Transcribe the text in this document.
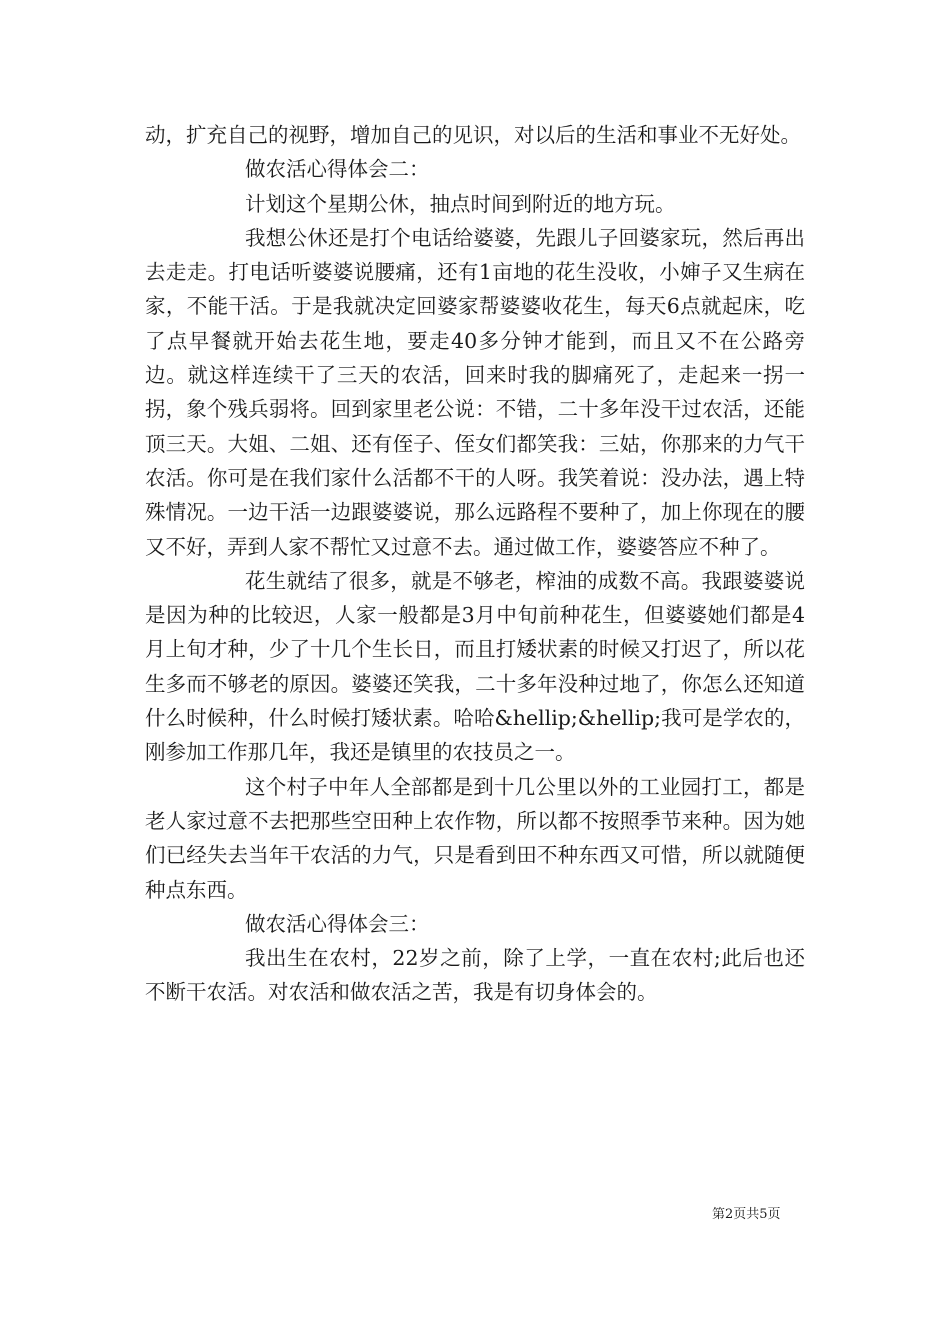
动，扩充自己的视野，增加自己的见识，对以后的生活和事业不无好处。

做农活心得体会二：

计划这个星期公休，抽点时间到附近的地方玩。

我想公休还是打个电话给婆婆，先跟儿子回婆家玩，然后再出去走走。打电话听婆婆说腰痛，还有1亩地的花生没收，小婶子又生病在家，不能干活。于是我就决定回婆家帮婆婆收花生，每天6点就起床，吃了点早餐就开始去花生地，要走40多分钟才能到，而且又不在公路旁边。就这样连续干了三天的农活，回来时我的脚痛死了，走起来一拐一拐，象个残兵弱将。回到家里老公说：不错，二十多年没干过农活，还能顶三天。大姐、二姐、还有侄子、侄女们都笑我：三姑，你那来的力气干农活。你可是在我们家什么活都不干的人呀。我笑着说：没办法，遇上特殊情况。一边干活一边跟婆婆说，那么远路程不要种了，加上你现在的腰又不好，弄到人家不帮忙又过意不去。通过做工作，婆婆答应不种了。

花生就结了很多，就是不够老，榨油的成数不高。我跟婆婆说是因为种的比较迟，人家一般都是3月中旬前种花生，但婆婆她们都是4月上旬才种，少了十几个生长日，而且打矮状素的时候又打迟了，所以花生多而不够老的原因。婆婆还笑我，二十多年没种过地了，你怎么还知道什么时候种，什么时候打矮状素。哈哈&hellip;&hellip;我可是学农的，刚参加工作那几年，我还是镇里的农技员之一。

这个村子中年人全部都是到十几公里以外的工业园打工，都是老人家过意不去把那些空田种上农作物，所以都不按照季节来种。因为她们已经失去当年干农活的力气，只是看到田不种东西又可惜，所以就随便种点东西。

做农活心得体会三：

我出生在农村，22岁之前，除了上学，一直在农村;此后也还不断干农活。对农活和做农活之苦，我是有切身体会的。

第2页共5页
